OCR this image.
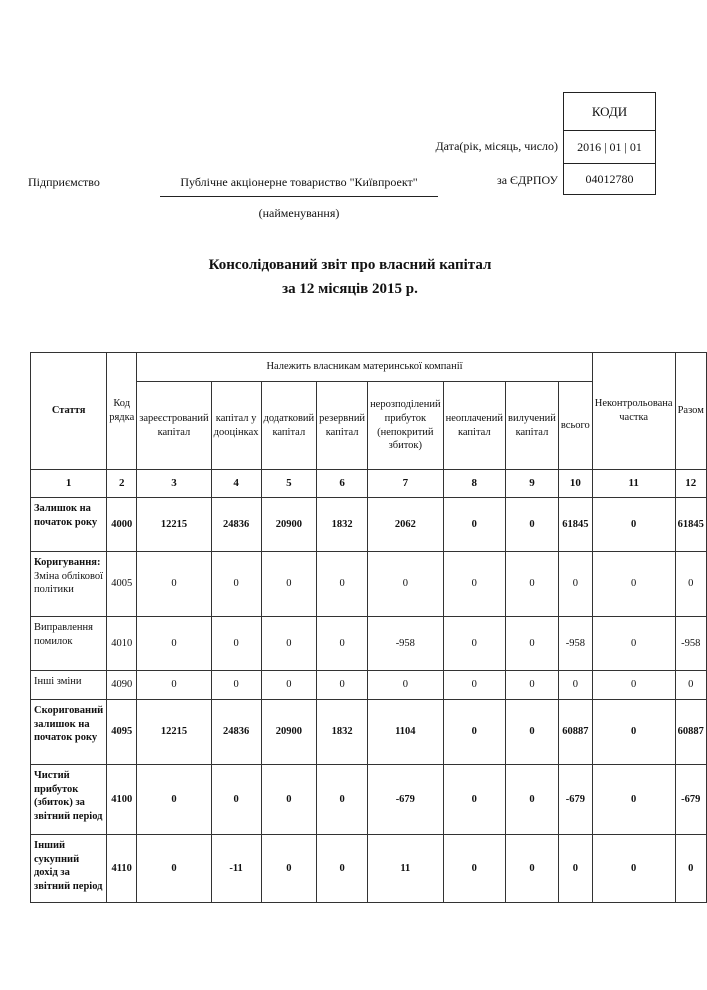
КОДИ
2016 | 01 | 01
04012780
Дата(рік, місяць, число)
за ЄДРПОУ
Підприємство	Публічне акціонерне товариство "Київпроект"
(найменування)
Консолідований звіт про власний капітал
за 12 місяців 2015 р.
Стаття	Код рядка	Належить власникам материнської компанії								Неконтрольована частка	Разом
		зареєстрований капітал	капітал у дооцінках	додатковий капітал	резервний капітал	нерозподілений прибуток (непокритий збиток)	неоплачений капітал	вилучений капітал	всього		
1	2	3	4	5	6	7	8	9	10	11	12
Залишок на початок року	4000	12215	24836	20900	1832	2062	0	0	61845	0	61845

Коригування:
Зміна облікової політики	4005	0	0	0	0	0	0	0	0	0	0
Виправлення помилок	4010	0	0	0	0	-958	0	0	-958	0	-958
Інші зміни	4090	0	0	0	0	0	0	0	0	0	0
Скоригований залишок на початок року	4095	12215	24836	20900	1832	1104	0	0	60887	0	60887
Чистий прибуток (збиток) за звітний період	4100	0	0	0	0	-679	0	0	-679	0	-679
Інший сукупний дохід за звітний період	4110	0	-11	0	0	11	0	0	0	0	0
